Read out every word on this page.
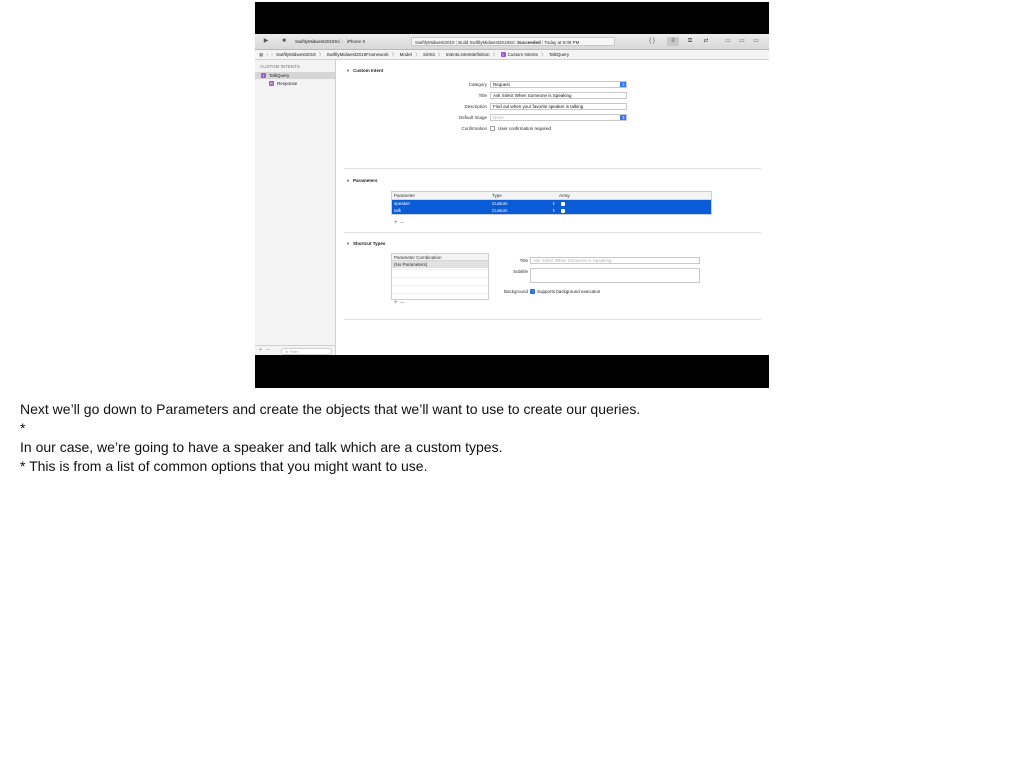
▶	■	SwiftlyMidwest2019Sri 〉 iPhone X	SwiftlyMidwest2019 | Build SwiftlyMidwest2019Sri: Succeeded | Today at 9:09 PM	{ }	≡	⧉	⇄	▭	▭	▭
▦ ‹ › SwiftlyMidwest2019 〉 SwiftlyMidwest2019Framework 〉 Model 〉 SiriKit 〉 Intents.intentdefinition 〉 I Custom Intents 〉 TalkQuery
CUSTOM INTENTS
I TalkQuery
R Response
+ –	⊛ Filter
▼ Custom Intent
Category	Request	⇕
Title	Ask SiriKit When Someone is Speaking
Description	Find out when your favorite speaker is talking
Default Image	None	⇕
Confirmation User confirmation required
▼ Parameters
Parameter	Type	Array
speaker	Custom	⇕
talk	Custom	⇕
+–
▼ Shortcut Types
Parameter Combination
(No Parameters)
+–
Title	Ask SiriKit When Someone is Speaking
Subtitle
Background Supports background execution
Next we’ll go down to Parameters and create the objects that we’ll want to use to create our queries.
*
In our case, we’re going to have a speaker and talk which are a custom types.
* This is from a list of common options that you might want to use.
